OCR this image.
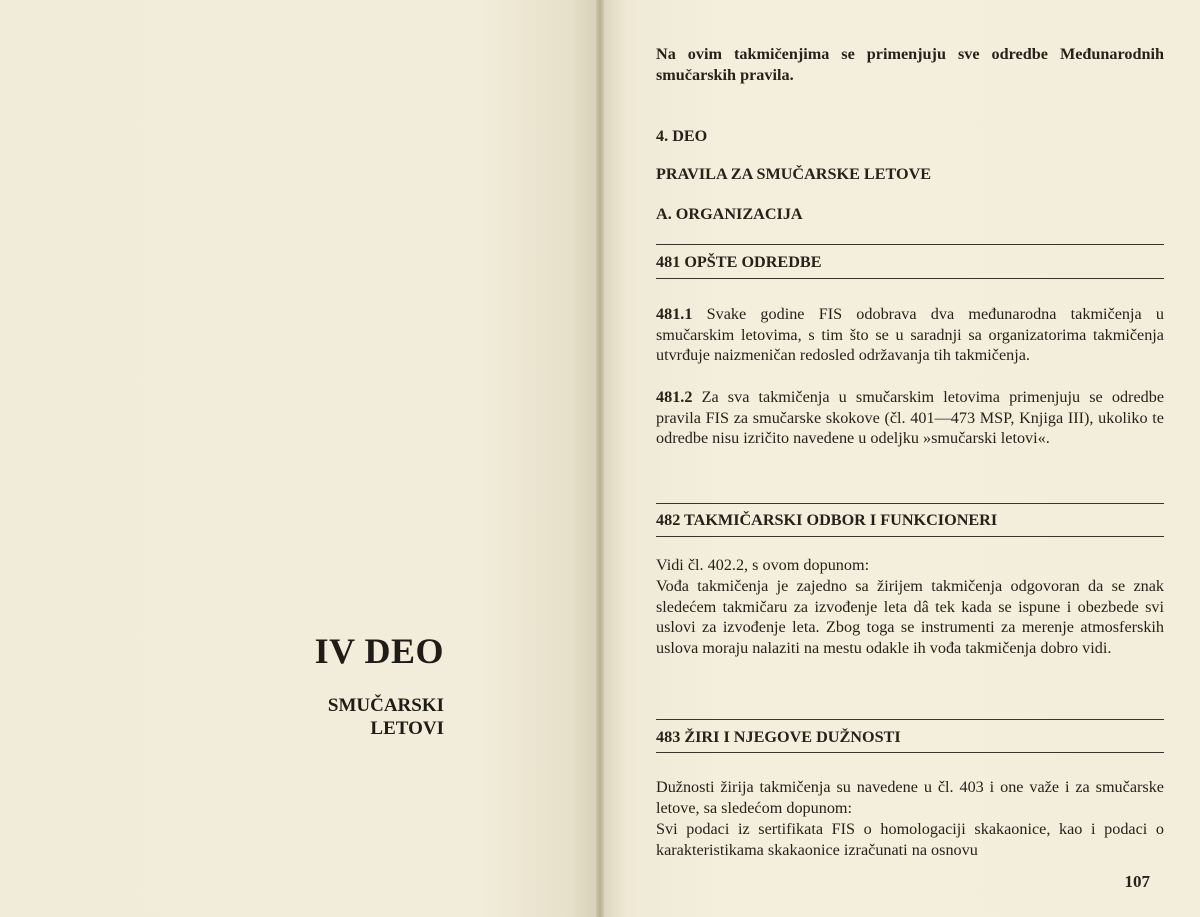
IV DEO
SMUČARSKI
LETOVI

Na ovim takmičenjima se primenjuju sve odredbe Međunarodnih smučarskih pravila.

4. DEO

PRAVILA ZA SMUČARSKE LETOVE

A. ORGANIZACIJA

481 OPŠTE ODREDBE

481.1 Svake godine FIS odobrava dva međunarodna takmičenja u smučarskim letovima, s tim što se u saradnji sa organizatorima takmičenja utvrđuje naizmeničan redosled održavanja tih takmičenja.

481.2 Za sva takmičenja u smučarskim letovima primenjuju se odredbe pravila FIS za smučarske skokove (čl. 401—473 MSP, Knjiga III), ukoliko te odredbe nisu izričito navedene u odeljku »smučarski letovi«.

482 TAKMIČARSKI ODBOR I FUNKCIONERI

Vidi čl. 402.2, s ovom dopunom:

Vođa takmičenja je zajedno sa žirijem takmičenja odgovoran da se znak sledećem takmičaru za izvođenje leta dâ tek kada se ispune i obezbede svi uslovi za izvođenje leta. Zbog toga se instrumenti za merenje atmosferskih uslova moraju nalaziti na mestu odakle ih vođa takmičenja dobro vidi.

483 ŽIRI I NJEGOVE DUŽNOSTI

Dužnosti žirija takmičenja su navedene u čl. 403 i one važe i za smučarske letove, sa sledećom dopunom:

Svi podaci iz sertifikata FIS o homologaciji skakaonice, kao i podaci o karakteristikama skakaonice izračunati na osnovu

107
